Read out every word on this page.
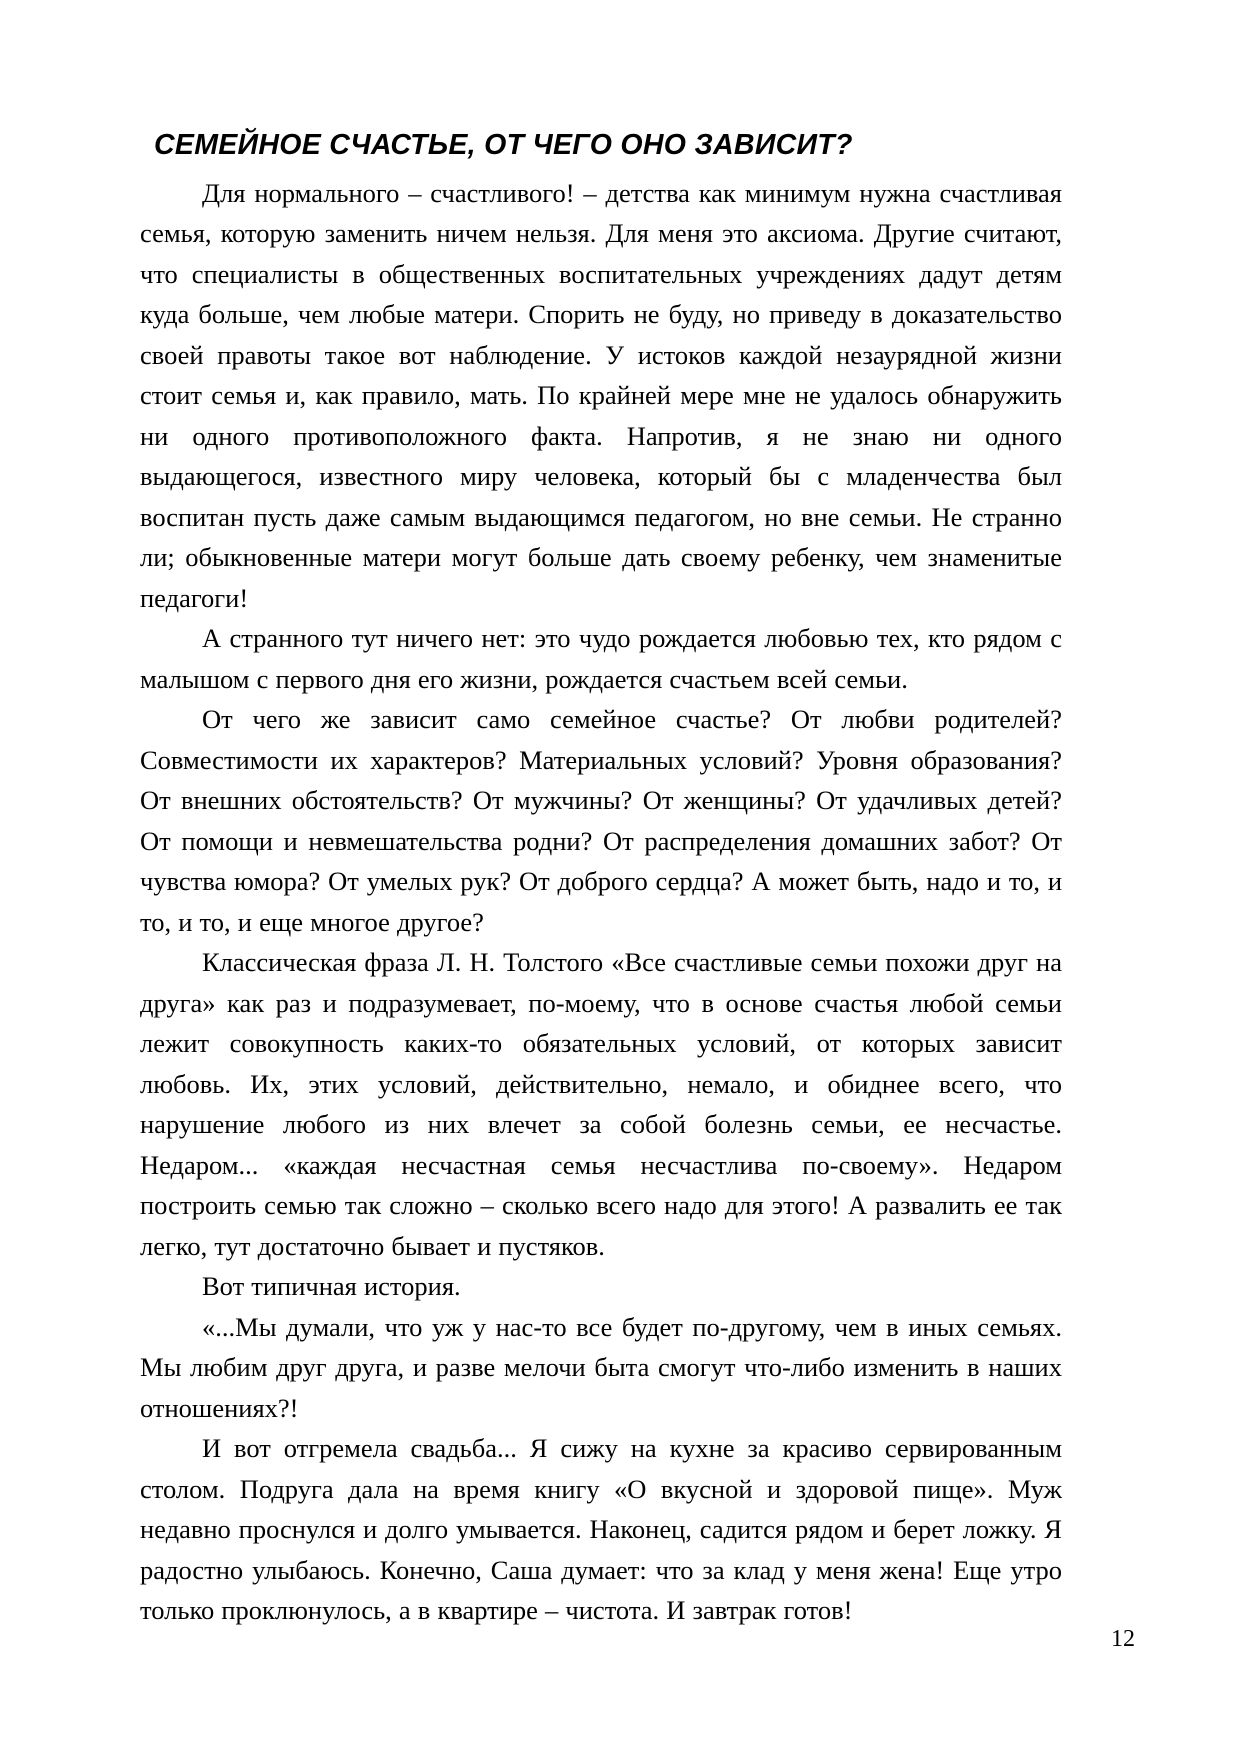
СЕМЕЙНОЕ СЧАСТЬЕ, ОТ ЧЕГО ОНО ЗАВИСИТ?

Для нормального – счастливого! – детства как минимум нужна счастливая семья, которую заменить ничем нельзя. Для меня это аксиома. Другие считают, что специалисты в общественных воспитательных учреждениях дадут детям куда больше, чем любые матери. Спорить не буду, но приведу в доказательство своей правоты такое вот наблюдение. У истоков каждой незаурядной жизни стоит семья и, как правило, мать. По крайней мере мне не удалось обнаружить ни одного противоположного факта. Напротив, я не знаю ни одного выдающегося, известного миру человека, который бы с младенчества был воспитан пусть даже самым выдающимся педагогом, но вне семьи. Не странно ли; обыкновенные матери могут больше дать своему ребенку, чем знаменитые педагоги!

А странного тут ничего нет: это чудо рождается любовью тех, кто рядом с малышом с первого дня его жизни, рождается счастьем всей семьи.

От чего же зависит само семейное счастье? От любви родителей? Совместимости их характеров? Материальных условий? Уровня образования? От внешних обстоятельств? От мужчины? От женщины? От удачливых детей? От помощи и невмешательства родни? От распределения домашних забот? От чувства юмора? От умелых рук? От доброго сердца? А может быть, надо и то, и то, и то, и еще многое другое?

Классическая фраза Л. Н. Толстого «Все счастливые семьи похожи друг на друга» как раз и подразумевает, по-моему, что в основе счастья любой семьи лежит совокупность каких-то обязательных условий, от которых зависит любовь. Их, этих условий, действительно, немало, и обиднее всего, что нарушение любого из них влечет за собой болезнь семьи, ее несчастье. Недаром... «каждая несчастная семья несчастлива по-своему». Недаром построить семью так сложно – сколько всего надо для этого! А развалить ее так легко, тут достаточно бывает и пустяков.

Вот типичная история.

«...Мы думали, что уж у нас-то все будет по-другому, чем в иных семьях. Мы любим друг друга, и разве мелочи быта смогут что-либо изменить в наших отношениях?!

И вот отгремела свадьба... Я сижу на кухне за красиво сервированным столом. Подруга дала на время книгу «О вкусной и здоровой пище». Муж недавно проснулся и долго умывается. Наконец, садится рядом и берет ложку. Я радостно улыбаюсь. Конечно, Саша думает: что за клад у меня жена! Еще утро только проклюнулось, а в квартире – чистота. И завтрак готов!

12
